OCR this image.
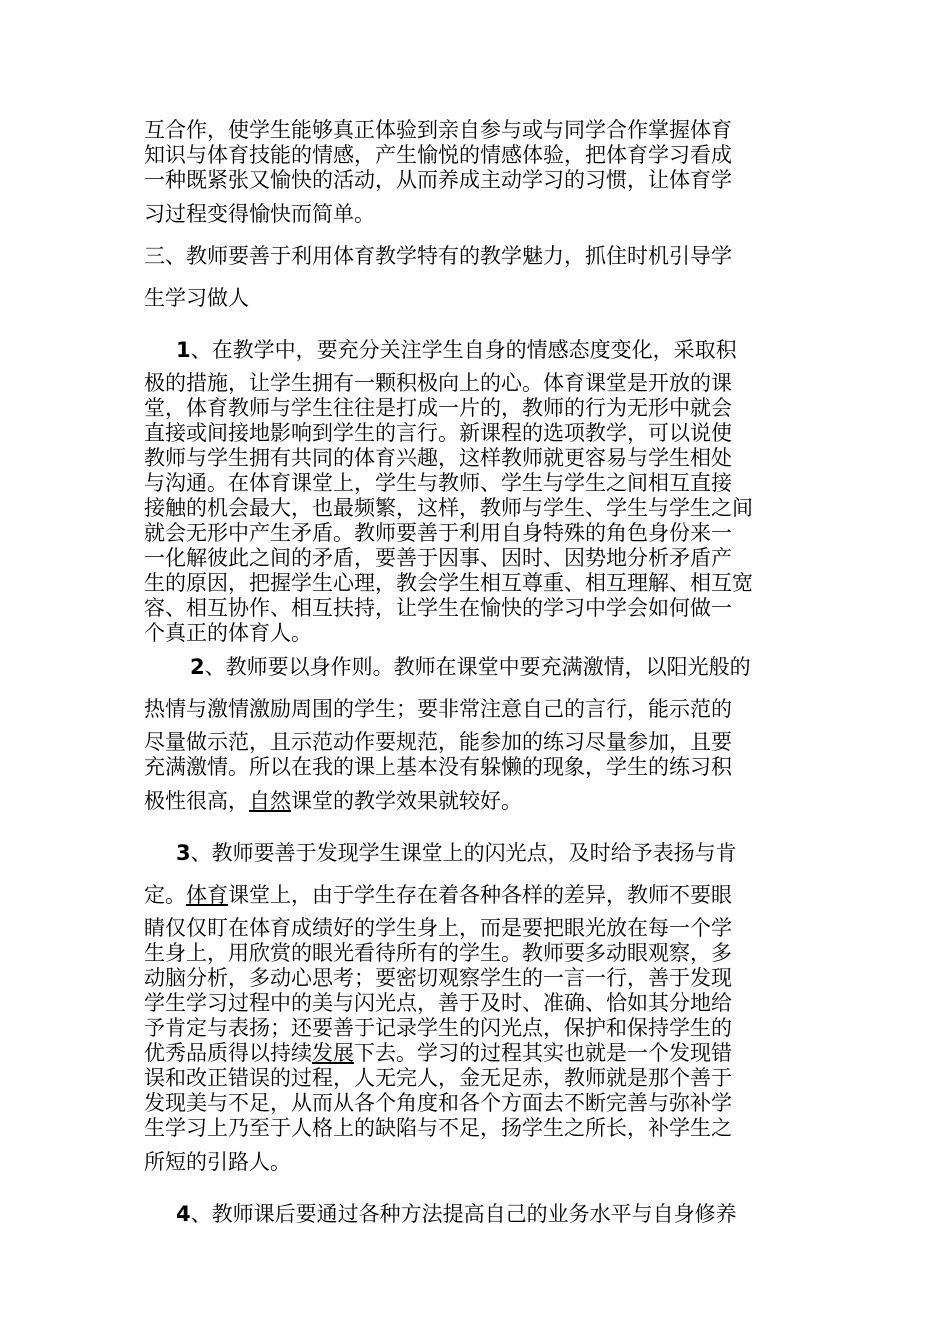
互合作，使学生能够真正体验到亲自参与或与同学合作掌握体育
知识与体育技能的情感，产生愉悦的情感体验，把体育学习看成
一种既紧张又愉快的活动，从而养成主动学习的习惯，让体育学
习过程变得愉快而简单。
三、教师要善于利用体育教学特有的教学魅力，抓住时机引导学
生学习做人
1、在教学中，要充分关注学生自身的情感态度变化，采取积
极的措施，让学生拥有一颗积极向上的心。体育课堂是开放的课
堂，体育教师与学生往往是打成一片的，教师的行为无形中就会
直接或间接地影响到学生的言行。新课程的选项教学，可以说使
教师与学生拥有共同的体育兴趣，这样教师就更容易与学生相处
与沟通。在体育课堂上，学生与教师、学生与学生之间相互直接
接触的机会最大，也最频繁，这样，教师与学生、学生与学生之间
就会无形中产生矛盾。教师要善于利用自身特殊的角色身份来一
一化解彼此之间的矛盾，要善于因事、因时、因势地分析矛盾产
生的原因，把握学生心理，教会学生相互尊重、相互理解、相互宽
容、相互协作、相互扶持，让学生在愉快的学习中学会如何做一
个真正的体育人。
2、教师要以身作则。教师在课堂中要充满激情，以阳光般的
热情与激情激励周围的学生；要非常注意自己的言行，能示范的
尽量做示范，且示范动作要规范，能参加的练习尽量参加，且要
充满激情。所以在我的课上基本没有躲懒的现象，学生的练习积
极性很高，自然课堂的教学效果就较好。
3、教师要善于发现学生课堂上的闪光点，及时给予表扬与肯
定。体育课堂上，由于学生存在着各种各样的差异，教师不要眼
睛仅仅盯在体育成绩好的学生身上，而是要把眼光放在每一个学
生身上，用欣赏的眼光看待所有的学生。教师要多动眼观察，多
动脑分析，多动心思考；要密切观察学生的一言一行，善于发现
学生学习过程中的美与闪光点，善于及时、准确、恰如其分地给
予肯定与表扬；还要善于记录学生的闪光点，保护和保持学生的
优秀品质得以持续发展下去。学习的过程其实也就是一个发现错
误和改正错误的过程，人无完人，金无足赤，教师就是那个善于
发现美与不足，从而从各个角度和各个方面去不断完善与弥补学
生学习上乃至于人格上的缺陷与不足，扬学生之所长，补学生之
所短的引路人。
4、教师课后要通过各种方法提高自己的业务水平与自身修养
